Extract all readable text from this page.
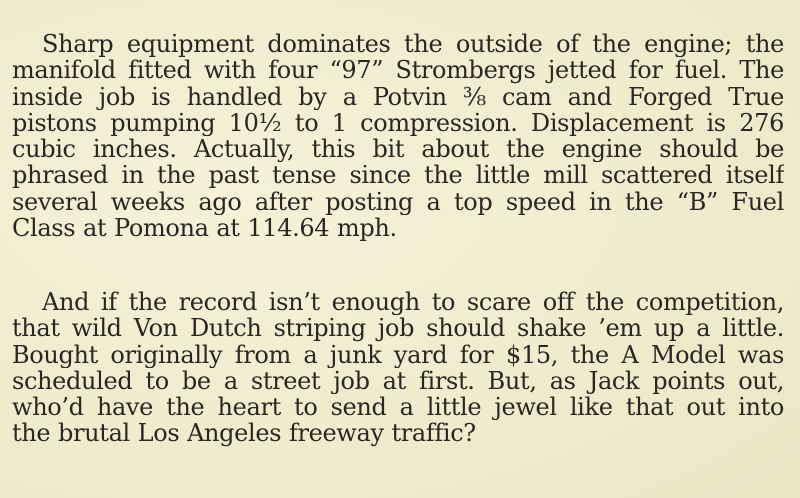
Sharp equipment dominates the outside of the engine; the
manifold fitted with four “97” Strombergs jetted for fuel. The
inside job is handled by a Potvin ⅜ cam and Forged True
pistons pumping 10½ to 1 compression. Displacement is 276
cubic inches. Actually, this bit about the engine should be
phrased in the past tense since the little mill scattered itself
several weeks ago after posting a top speed in the “B” Fuel
Class at Pomona at 114.64 mph.

And if the record isn’t enough to scare off the competition,
that wild Von Dutch striping job should shake ’em up a little.
Bought originally from a junk yard for $15, the A Model was
scheduled to be a street job at first. But, as Jack points out,
who’d have the heart to send a little jewel like that out into
the brutal Los Angeles freeway traffic?
